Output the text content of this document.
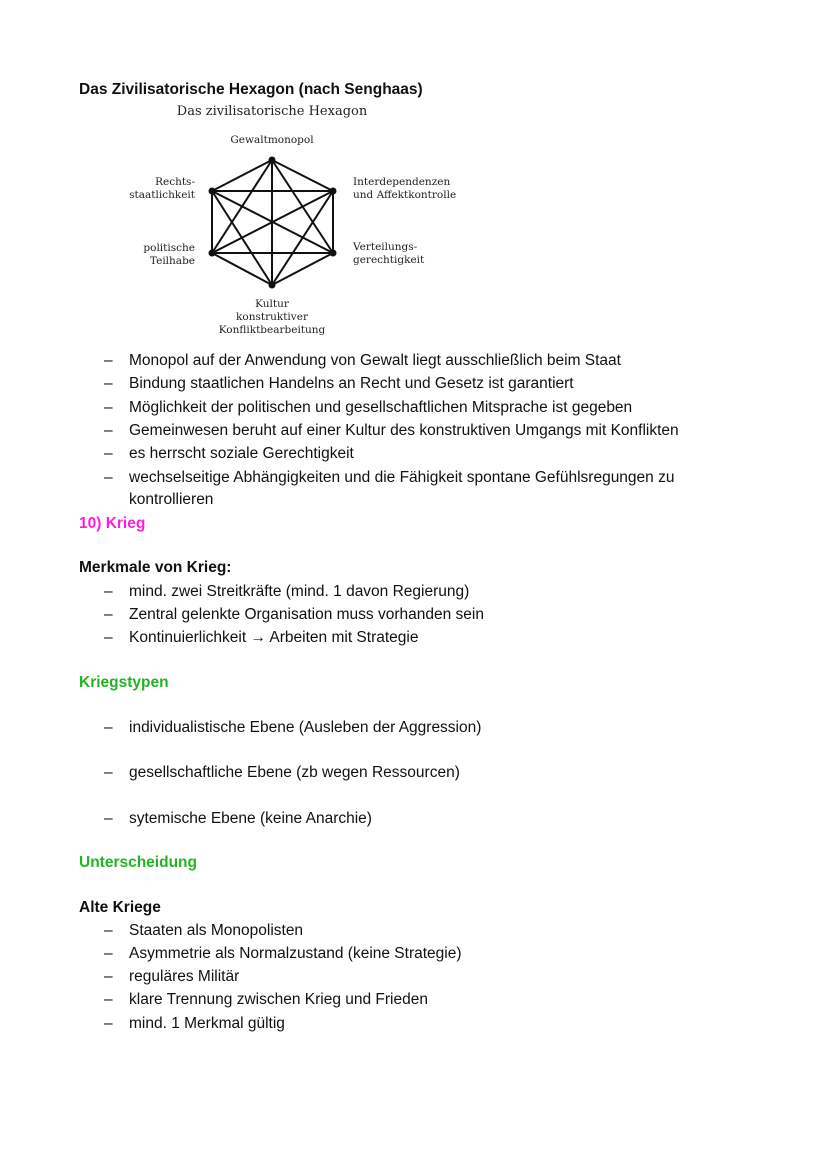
Das Zivilisatorische Hexagon (nach Senghaas)
Das zivilisatorische Hexagon
Gewaltmonopol
Rechts-
staatlichkeit
Interdependenzen
und Affektkontrolle
politische
Teilhabe
Verteilungs-
gerechtigkeit
Kultur
konstruktiver
Konfliktbearbeitung
– Monopol auf der Anwendung von Gewalt liegt ausschließlich beim Staat
– Bindung staatlichen Handelns an Recht und Gesetz ist garantiert
– Möglichkeit der politischen und gesellschaftlichen Mitsprache ist gegeben
– Gemeinwesen beruht auf einer Kultur des konstruktiven Umgangs mit Konflikten
– es herrscht soziale Gerechtigkeit
– wechselseitige Abhängigkeiten und die Fähigkeit spontane Gefühlsregungen zu
kontrollieren
10) Krieg
Merkmale von Krieg:
– mind. zwei Streitkräfte (mind. 1 davon Regierung)
– Zentral gelenkte Organisation muss vorhanden sein
– Kontinuierlichkeit → Arbeiten mit Strategie
Kriegstypen
– individualistische Ebene (Ausleben der Aggression)
– gesellschaftliche Ebene (zb wegen Ressourcen)
– sytemische Ebene (keine Anarchie)
Unterscheidung
Alte Kriege
– Staaten als Monopolisten
– Asymmetrie als Normalzustand (keine Strategie)
– reguläres Militär
– klare Trennung zwischen Krieg und Frieden
– mind. 1 Merkmal gültig
